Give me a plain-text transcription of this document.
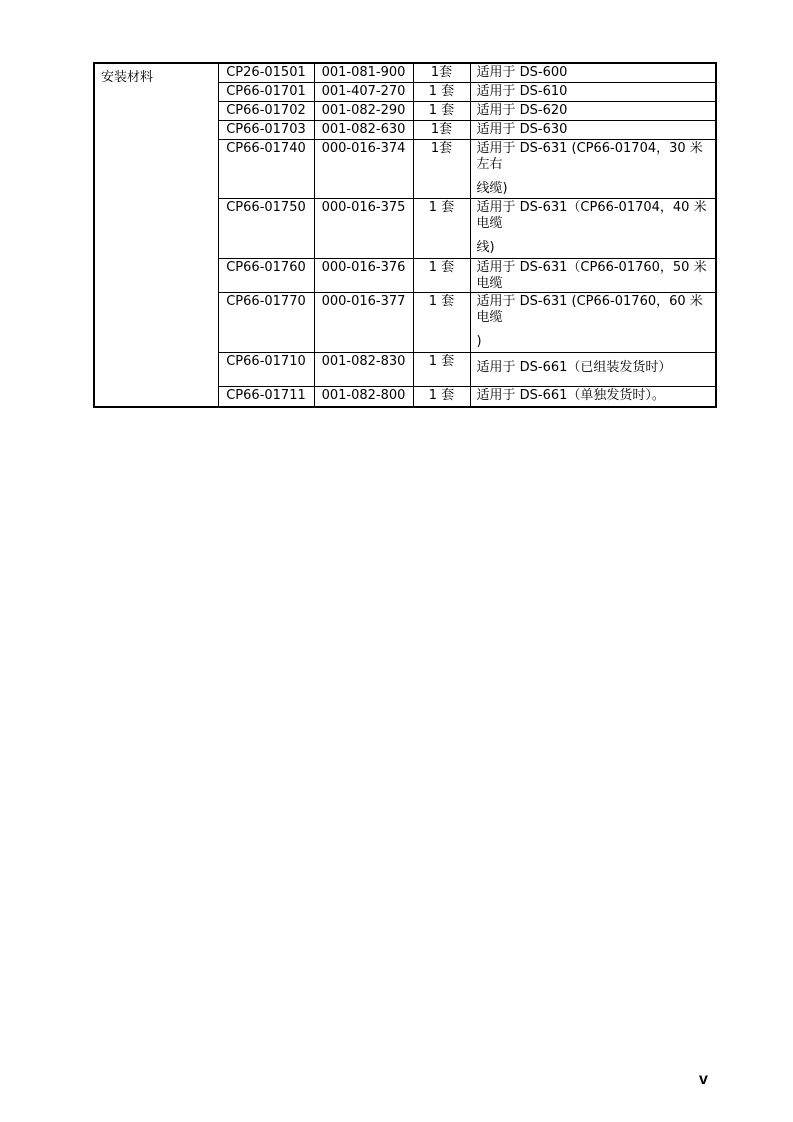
安装材料	CP26-01501	001-081-900	1套	适用于 DS-600

	CP66-01701	001-407-270	1 套	适用于 DS-610

	CP66-01702	001-082-290	1 套	适用于 DS-620

	CP66-01703	001-082-630	1套	适用于 DS-630

	CP66-01740	000-016-374	1套	适用于 DS-631 (CP66-01704，30 米
左右
线缆)

	CP66-01750	000-016-375	1 套	适用于 DS-631（CP66-01704，40 米
电缆
线)

	CP66-01760	000-016-376	1 套	适用于 DS-631（CP66-01760，50 米
电缆

	CP66-01770	000-016-377	1 套	适用于 DS-631 (CP66-01760，60 米
电缆
)

	CP66-01710	001-082-830	1 套	适用于 DS-661（已组装发货时）

	CP66-01711	001-082-800	1 套	适用于 DS-661（单独发货时）。
v
